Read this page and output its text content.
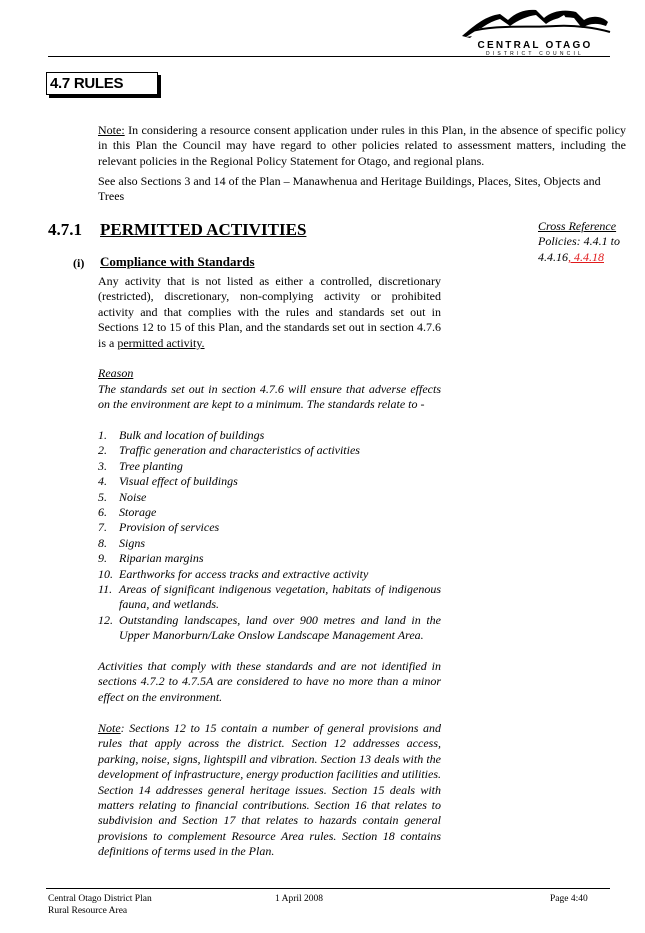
CENTRAL OTAGO
DISTRICT COUNCIL
4.7 RULES
Note: In considering a resource consent application under rules in this Plan, in the absence of specific policy in this Plan the Council may have regard to other policies related to assessment matters, including the relevant policies in the Regional Policy Statement for Otago, and regional plans.
See also Sections 3 and 14 of the Plan – Manawhenua and Heritage Buildings, Places, Sites, Objects and Trees
4.7.1 PERMITTED ACTIVITIES	Cross Reference
Policies: 4.4.1 to
4.4.16, 4.4.18
(i) Compliance with Standards
Any activity that is not listed as either a controlled, discretionary (restricted), discretionary, non-complying activity or prohibited activity and that complies with the rules and standards set out in Sections 12 to 15 of this Plan, and the standards set out in section 4.7.6 is a permitted activity.
Reason
The standards set out in section 4.7.6 will ensure that adverse effects on the environment are kept to a minimum. The standards relate to -
1. Bulk and location of buildings
2. Traffic generation and characteristics of activities
3. Tree planting
4. Visual effect of buildings
5. Noise
6. Storage
7. Provision of services
8. Signs
9. Riparian margins
10. Earthworks for access tracks and extractive activity
11. Areas of significant indigenous vegetation, habitats of indigenous fauna, and wetlands.
12. Outstanding landscapes, land over 900 metres and land in the Upper Manorburn/Lake Onslow Landscape Management Area.
Activities that comply with these standards and are not identified in sections 4.7.2 to 4.7.5A are considered to have no more than a minor effect on the environment.
Note: Sections 12 to 15 contain a number of general provisions and rules that apply across the district. Section 12 addresses access, parking, noise, signs, lightspill and vibration. Section 13 deals with the development of infrastructure, energy production facilities and utilities. Section 14 addresses general heritage issues. Section 15 deals with matters relating to financial contributions. Section 16 that relates to subdivision and Section 17 that relates to hazards contain general provisions to complement Resource Area rules. Section 18 contains definitions of terms used in the Plan.
Central Otago District Plan
Rural Resource Area
1 April 2008	Page 4:40
